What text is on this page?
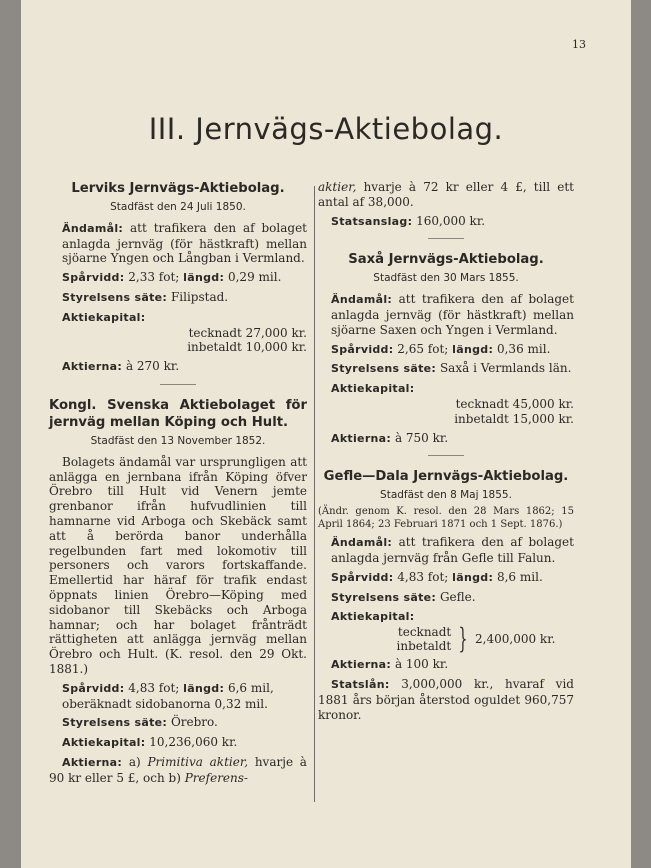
13
III. Jernvägs-Aktiebolag.
Lerviks Jernvägs-Aktiebolag.
Stadfäst den 24 Juli 1850.
Ändamål: att trafikera den af bolaget anlagda jernväg (för hästkraft) mellan sjöarne Yngen och Långban i Vermland.
Spårvidd: 2,33 fot; längd: 0,29 mil.
Styrelsens säte: Filipstad.
Aktiekapital:
tecknadt 27,000 kr.
inbetaldt 10,000 kr.
Aktierna: à 270 kr.
Kongl. Svenska Aktiebolaget för jernväg mellan Köping och Hult.
Stadfäst den 13 November 1852.
Bolagets ändamål var ursprungligen att anlägga en jernbana ifrån Köping öfver Örebro till Hult vid Venern jemte grenbanor ifrån hufvudlinien till hamnarne vid Arboga och Skebäck samt att å berörda banor underhålla regelbunden fart med lokomotiv till personers och varors fortskaffande. Emellertid har häraf för trafik endast öppnats linien Örebro—Köping med sidobanor till Skebäcks och Arboga hamnar; och har bolaget frånträdt rättigheten att anlägga jernväg mellan Örebro och Hult. (K. resol. den 29 Okt. 1881.)
Spårvidd: 4,83 fot; längd: 6,6 mil, oberäknadt sidobanorna 0,32 mil.
Styrelsens säte: Örebro.
Aktiekapital: 10,236,060 kr.
Aktierna: a) Primitiva aktier, hvarje à 90 kr eller 5 £, och b) Preferens-
aktier, hvarje à 72 kr eller 4 £, till ett antal af 38,000.
Statsanslag: 160,000 kr.
Saxå Jernvägs-Aktiebolag.
Stadfäst den 30 Mars 1855.
Ändamål: att trafikera den af bolaget anlagda jernväg (för hästkraft) mellan sjöarne Saxen och Yngen i Vermland.
Spårvidd: 2,65 fot; längd: 0,36 mil.
Styrelsens säte: Saxå i Vermlands län.
Aktiekapital:
tecknadt 45,000 kr.
inbetaldt 15,000 kr.
Aktierna: à 750 kr.
Gefle—Dala Jernvägs-Aktiebolag.
Stadfäst den 8 Maj 1855.
(Ändr. genom K. resol. den 28 Mars 1862; 15 April 1864; 23 Februari 1871 och 1 Sept. 1876.)
Ändamål: att trafikera den af bolaget anlagda jernväg från Gefle till Falun.
Spårvidd: 4,83 fot; längd: 8,6 mil.
Styrelsens säte: Gefle.
Aktiekapital:
tecknadt
inbetaldt } 2,400,000 kr.
Aktierna: à 100 kr.
Statslån: 3,000,000 kr., hvaraf vid 1881 års början återstod oguldet 960,757 kronor.
